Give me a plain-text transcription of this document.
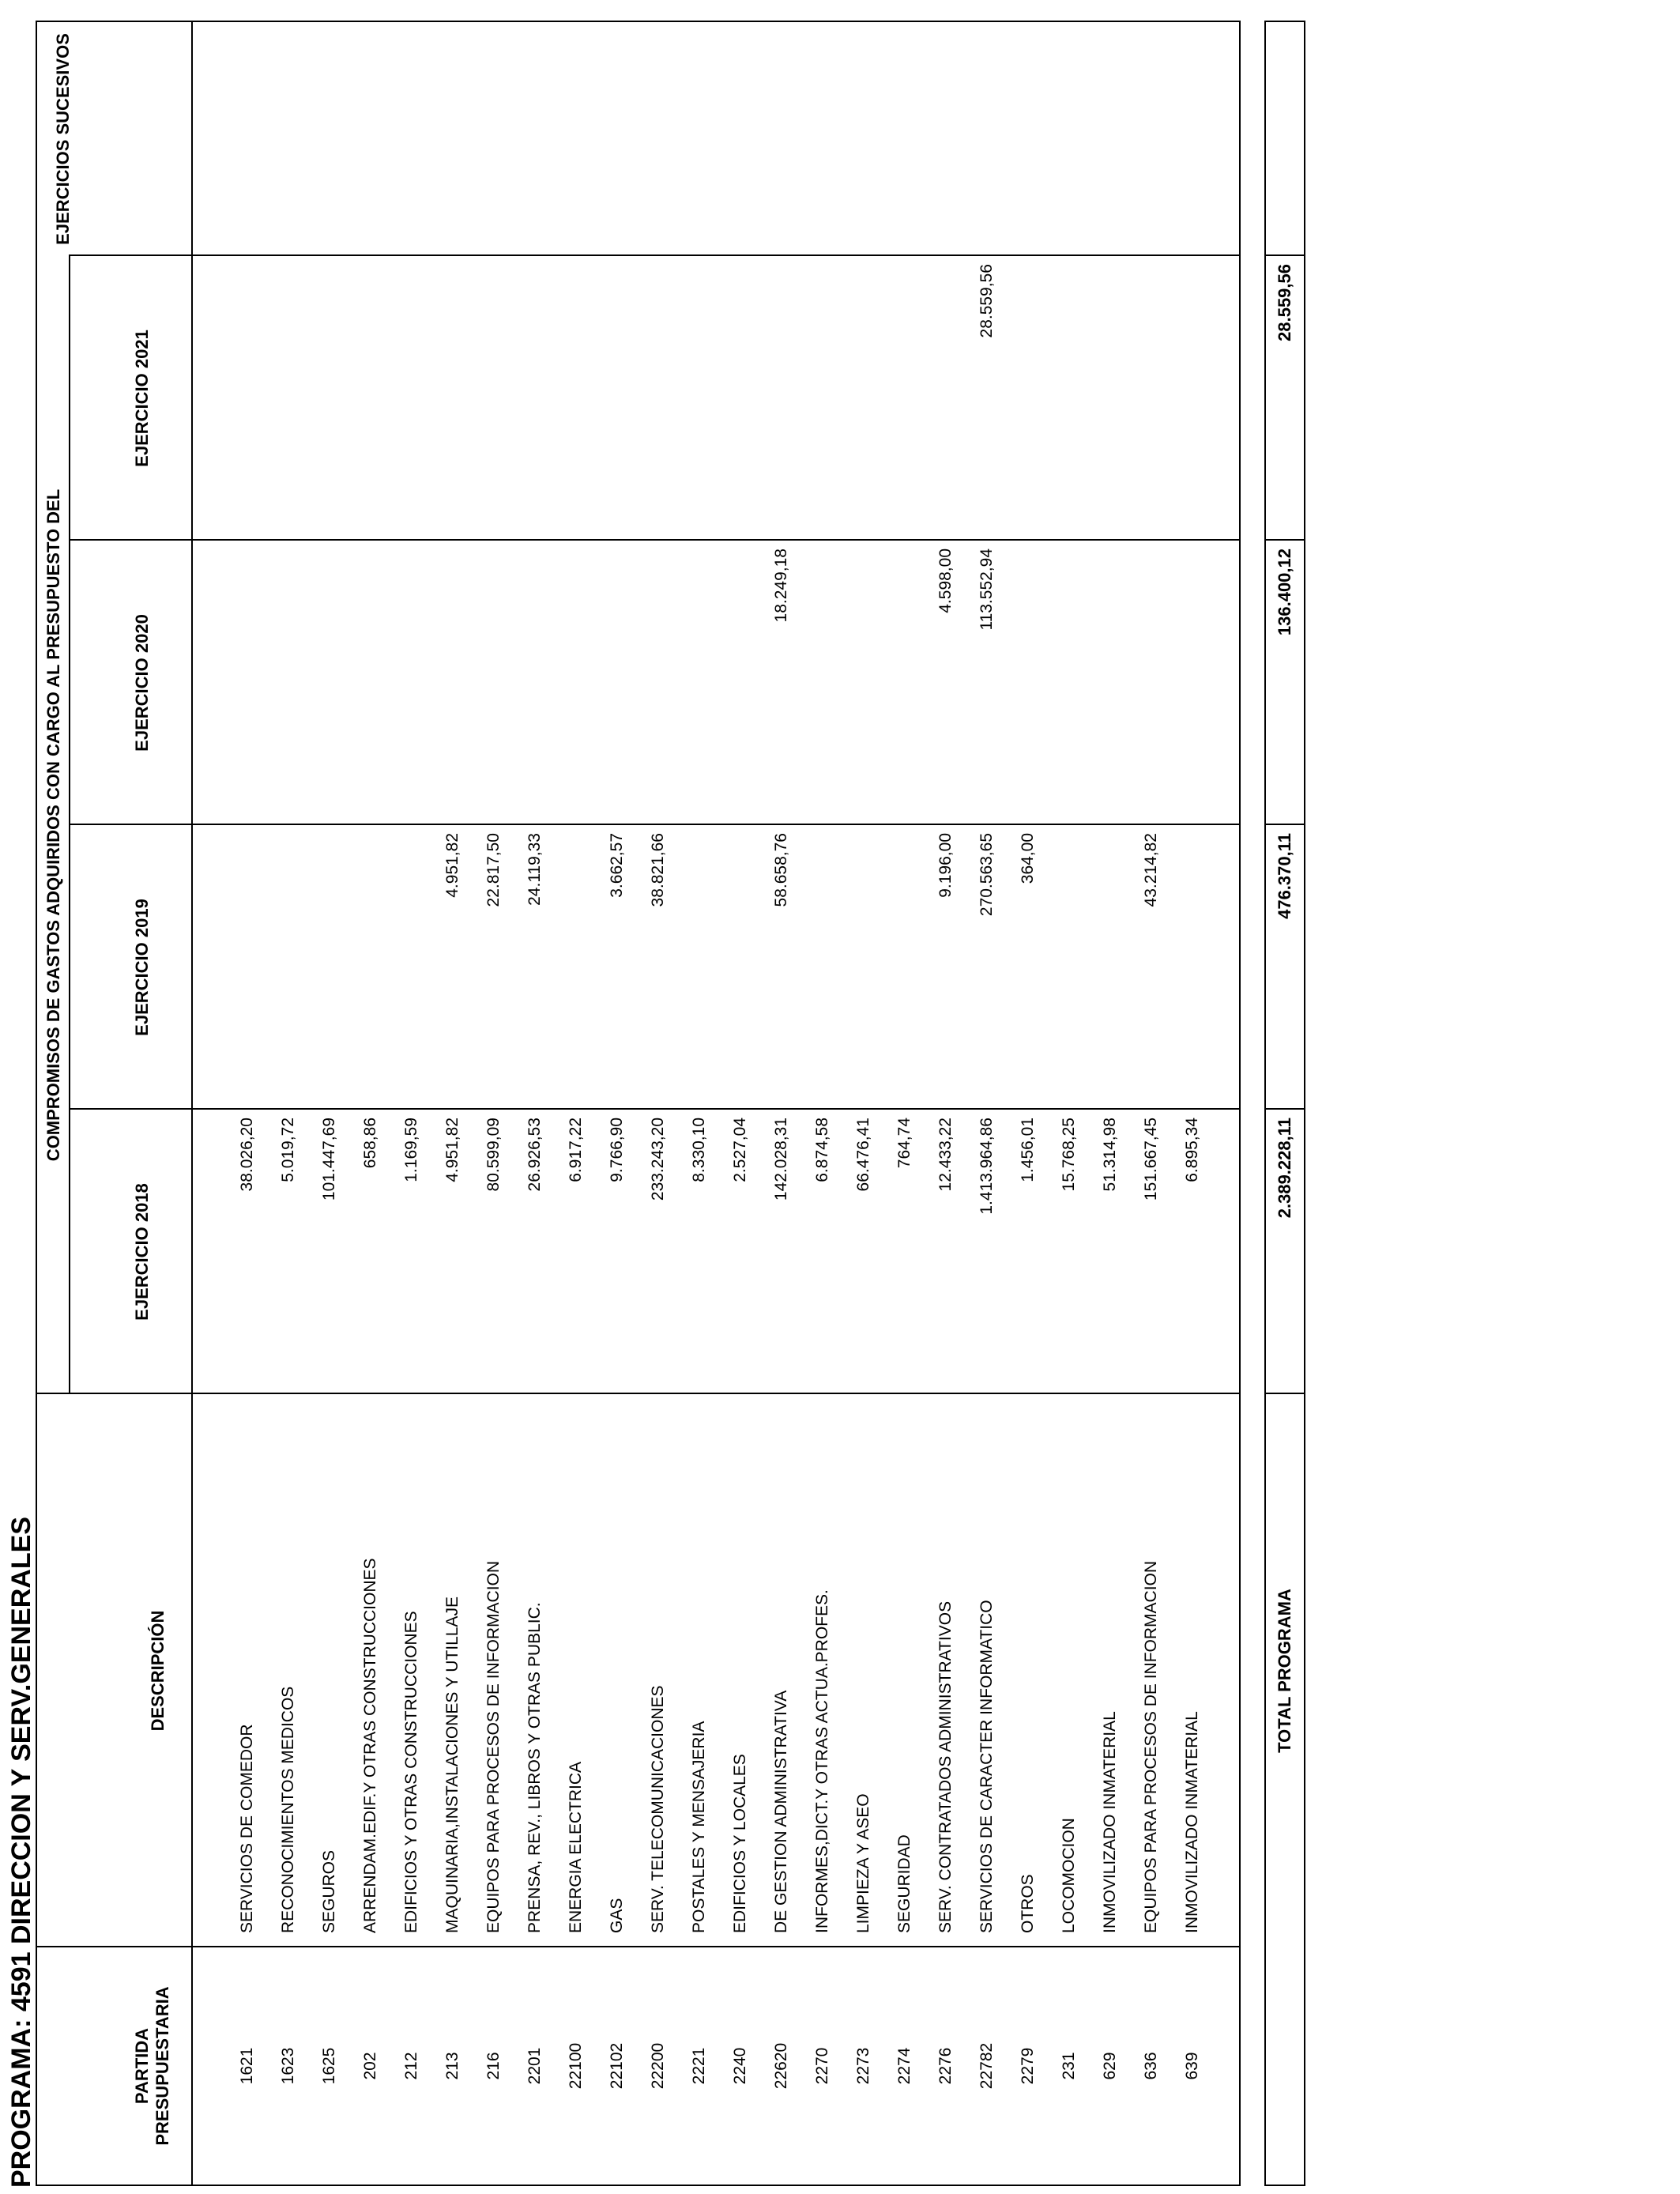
PROGRAMA: 4591 DIRECCION Y SERV.GENERALES	PARTIDA PRESUPUESTARIA
DESCRIPCIÓN
COMPROMISOS DE GASTOS ADQUIRIDOS CON CARGO AL PRESUPUESTO DEL
EJERCICIO 2018
EJERCICIO 2019
EJERCICIO 2020
EJERCICIO 2021
EJERCICIOS SUCESIVOS
1621
SERVICIOS DE COMEDOR
38.026,20
1623
RECONOCIMIENTOS MEDICOS
5.019,72
1625
SEGUROS
101.447,69
202
ARRENDAM.EDIF.Y OTRAS CONSTRUCCIONES
658,86
212
EDIFICIOS Y OTRAS CONSTRUCCIONES
1.169,59
213
MAQUINARIA,INSTALACIONES Y UTILLAJE
4.951,82
4.951,82
216
EQUIPOS PARA PROCESOS DE INFORMACION
80.599,09
22.817,50
2201
PRENSA, REV., LIBROS Y OTRAS PUBLIC.
26.926,53
24.119,33
22100
ENERGIA ELECTRICA
6.917,22
22102
GAS
9.766,90
3.662,57
22200
SERV. TELECOMUNICACIONES
233.243,20
38.821,66
2221
POSTALES Y MENSAJERIA
8.330,10
2240
EDIFICIOS Y LOCALES
2.527,04
22620
DE GESTION ADMINISTRATIVA
142.028,31
58.658,76
18.249,18
2270
INFORMES,DICT.Y OTRAS ACTUA.PROFES.
6.874,58
2273
LIMPIEZA Y ASEO
66.476,41
2274
SEGURIDAD
764,74
2276
SERV. CONTRATADOS ADMINISTRATIVOS
12.433,22
9.196,00
4.598,00
22782
SERVICIOS DE CARACTER INFORMATICO
1.413.964,86
270.563,65
113.552,94
28.559,56
2279
OTROS
1.456,01
364,00
231
LOCOMOCION
15.768,25
629
INMOVILIZADO INMATERIAL
51.314,98
636
EQUIPOS PARA PROCESOS DE INFORMACION
151.667,45
43.214,82
639
INMOVILIZADO INMATERIAL
6.895,34
TOTAL PROGRAMA
2.389.228,11
476.370,11
136.400,12
28.559,56
